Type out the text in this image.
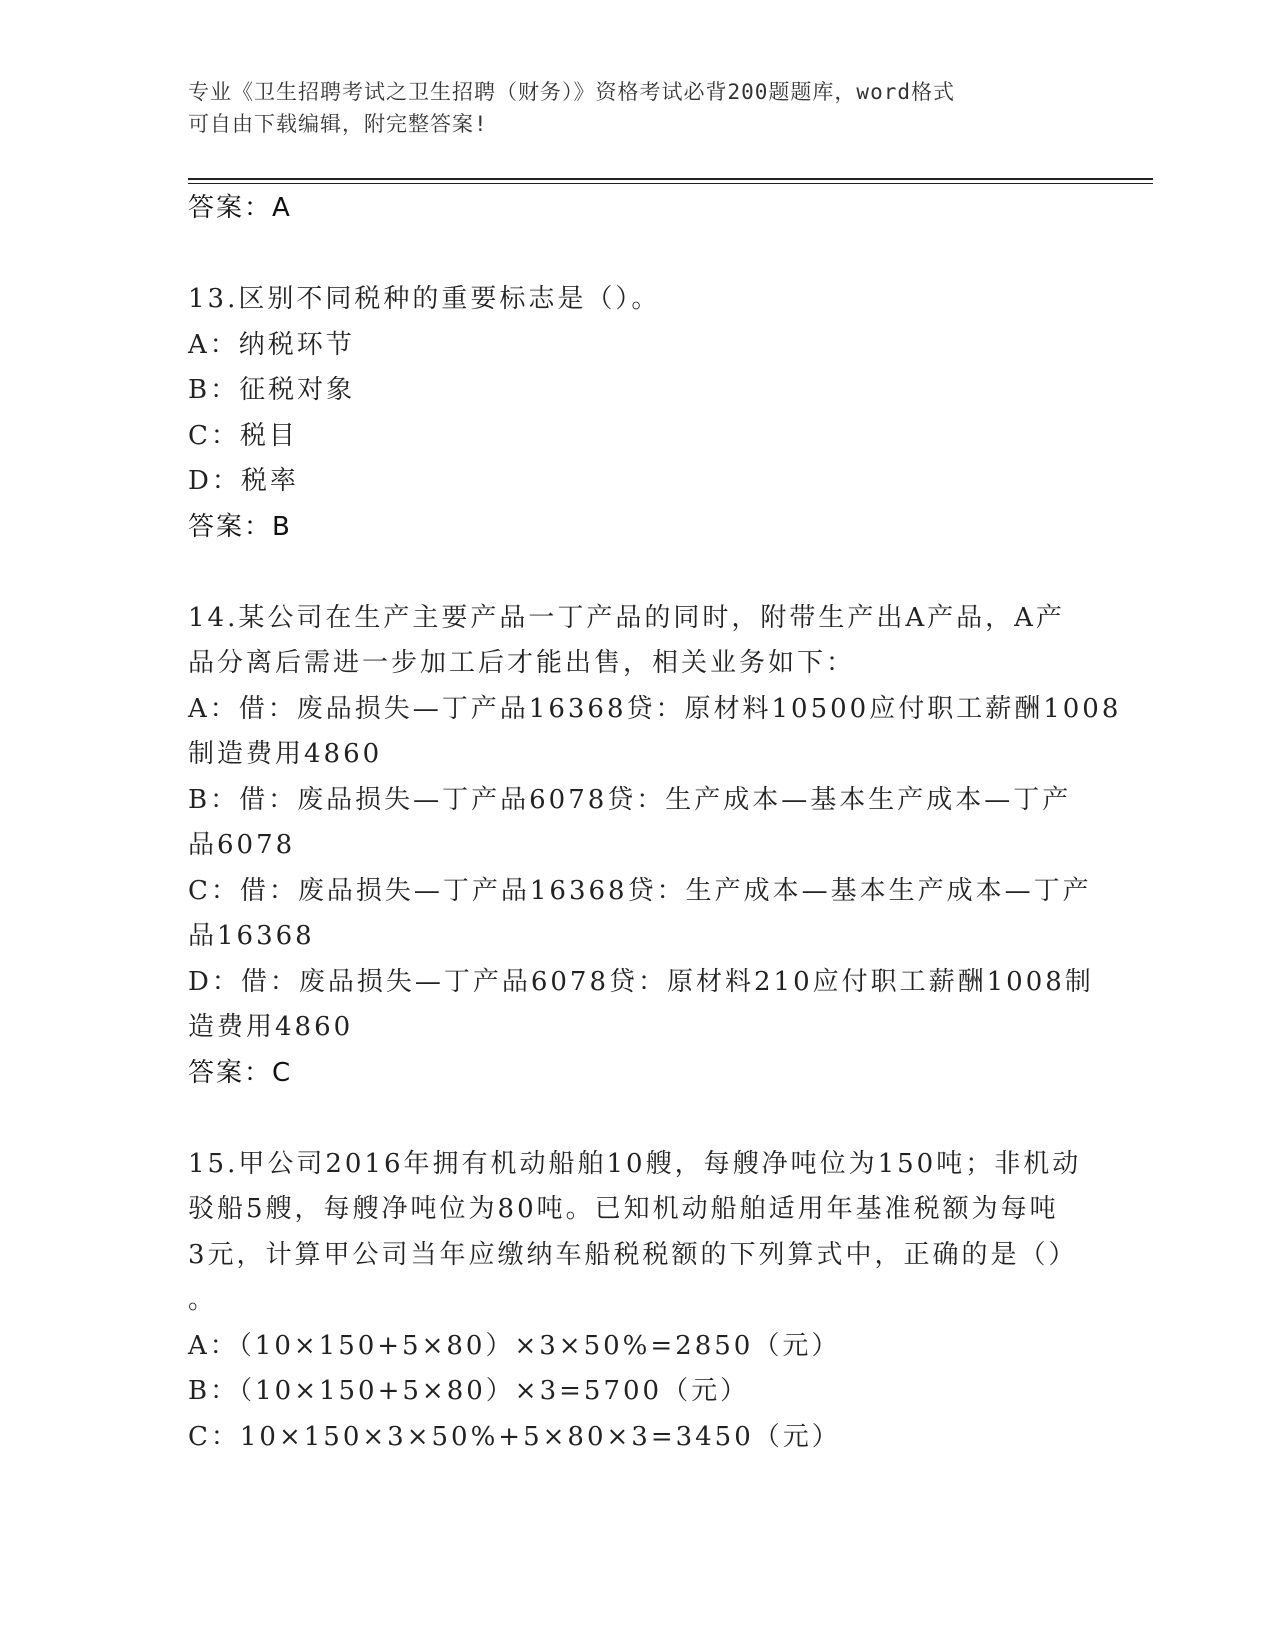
专业《卫生招聘考试之卫生招聘（财务）》资格考试必背200题题库，word格式
可自由下载编辑，附完整答案!
答案：A
13.区别不同税种的重要标志是（）。
A：纳税环节
B：征税对象
C：税目
D：税率
答案：B
14.某公司在生产主要产品一丁产品的同时，附带生产出A产品，A产
品分离后需进一步加工后才能出售，相关业务如下：
A：借：废品损失—丁产品16368贷：原材料10500应付职工薪酬1008
制造费用4860
B：借：废品损失—丁产品6078贷：生产成本—基本生产成本—丁产
品6078
C：借：废品损失—丁产品16368贷：生产成本—基本生产成本—丁产
品16368
D：借：废品损失—丁产品6078贷：原材料210应付职工薪酬1008制
造费用4860
答案：C
15.甲公司2016年拥有机动船舶10艘，每艘净吨位为150吨；非机动
驳船5艘，每艘净吨位为80吨。已知机动船舶适用年基准税额为每吨
3元，计算甲公司当年应缴纳车船税税额的下列算式中，正确的是（）
。
A：（10×150+5×80）×3×50%=2850（元）
B：（10×150+5×80）×3=5700（元）
C：10×150×3×50%+5×80×3=3450（元）
